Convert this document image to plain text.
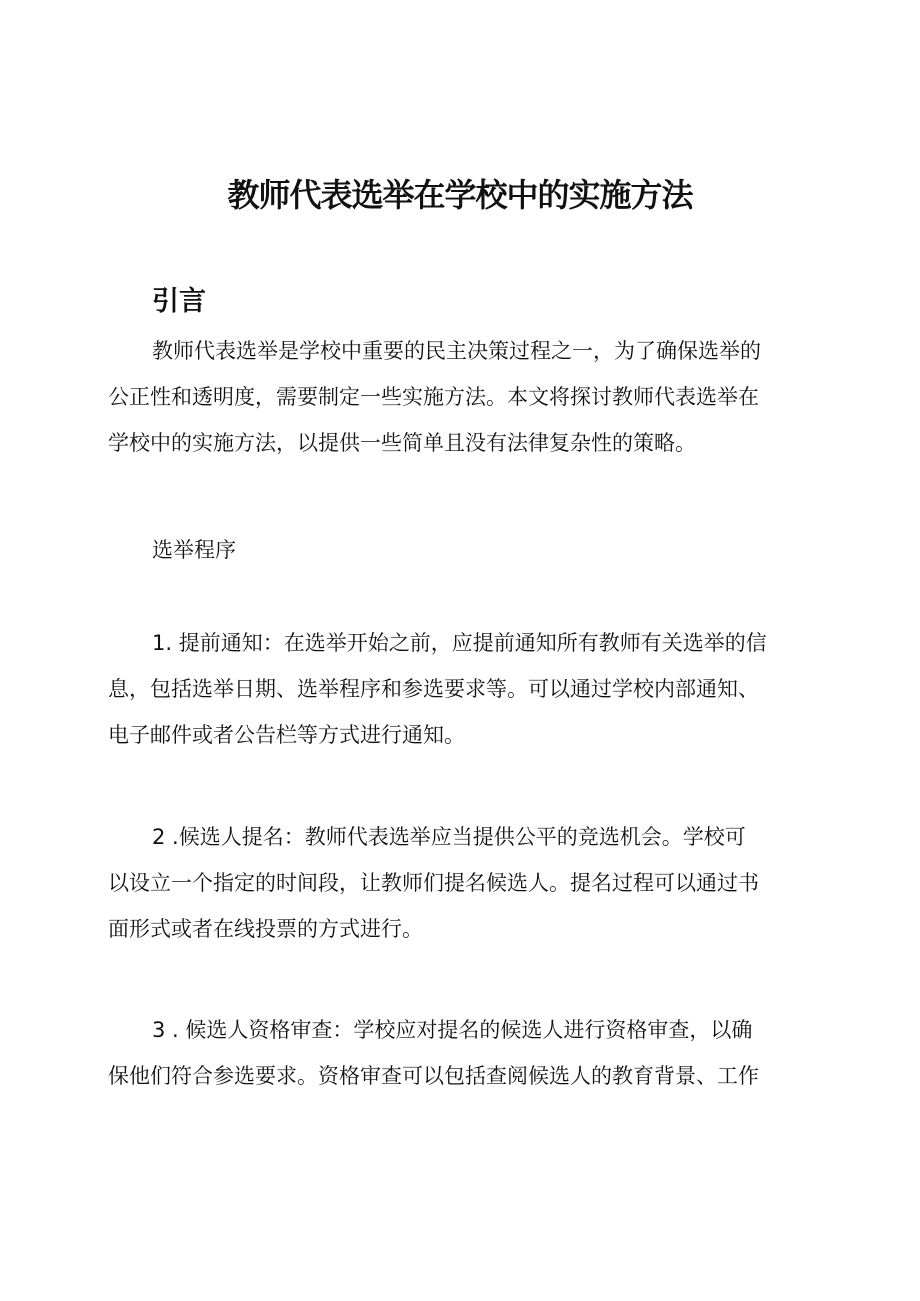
教师代表选举在学校中的实施方法
引言
教师代表选举是学校中重要的民主决策过程之一，为了确保选举的
公正性和透明度，需要制定一些实施方法。本文将探讨教师代表选举在
学校中的实施方法，以提供一些简单且没有法律复杂性的策略。
选举程序
1. 提前通知：在选举开始之前，应提前通知所有教师有关选举的信
息，包括选举日期、选举程序和参选要求等。可以通过学校内部通知、
电子邮件或者公告栏等方式进行通知。
2 .候选人提名：教师代表选举应当提供公平的竞选机会。学校可
以设立一个指定的时间段，让教师们提名候选人。提名过程可以通过书
面形式或者在线投票的方式进行。
3 . 候选人资格审查：学校应对提名的候选人进行资格审查，以确
保他们符合参选要求。资格审查可以包括查阅候选人的教育背景、工作
